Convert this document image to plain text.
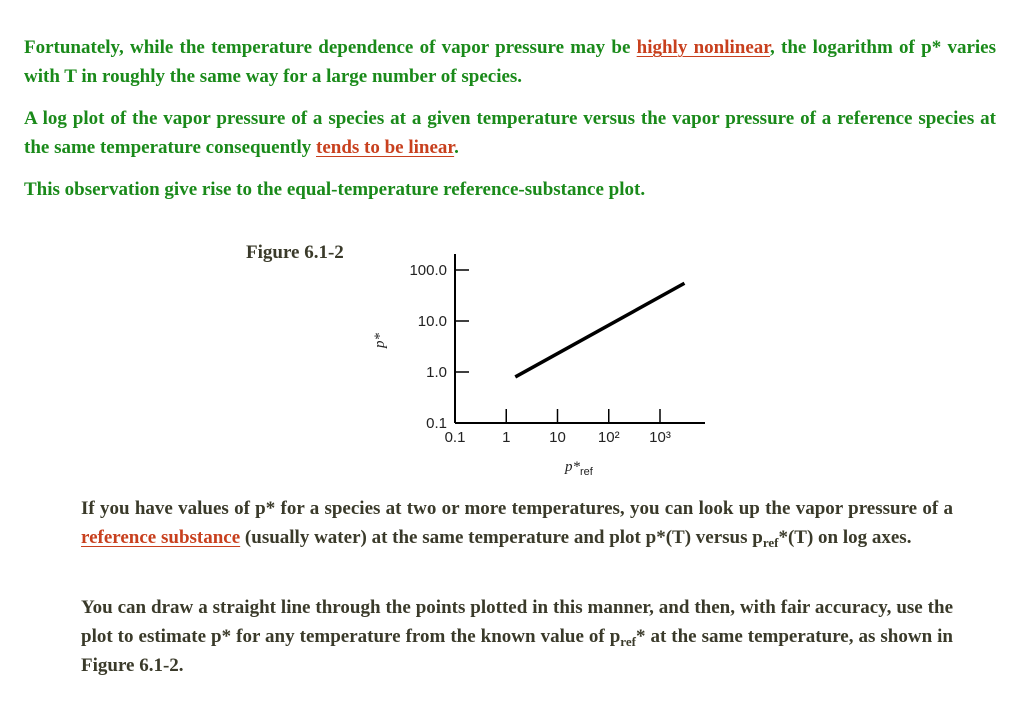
Fortunately, while the temperature dependence of vapor pressure may be highly nonlinear, the logarithm of p* varies with T in roughly the same way for a large number of species.

A log plot of the vapor pressure of a species at a given temperature versus the vapor pressure of a reference species at the same temperature consequently tends to be linear.

This observation give rise to the equal-temperature reference-substance plot.

Figure 6.1-2
0.1
1.0
10.0
100.0
0.1 1	10 10² 10³
p*
$p*_{ref}$

If you have values of p* for a species at two or more temperatures, you can look up the vapor pressure of a reference substance (usually water) at the same temperature and plot p*(T) versus $p_{ref}*(T)$ on log axes.

You can draw a straight line through the points plotted in this manner, and then, with fair accuracy, use the plot to estimate p* for any temperature from the known value of $p_{ref}*$ at the same temperature, as shown in Figure 6.1-2.
